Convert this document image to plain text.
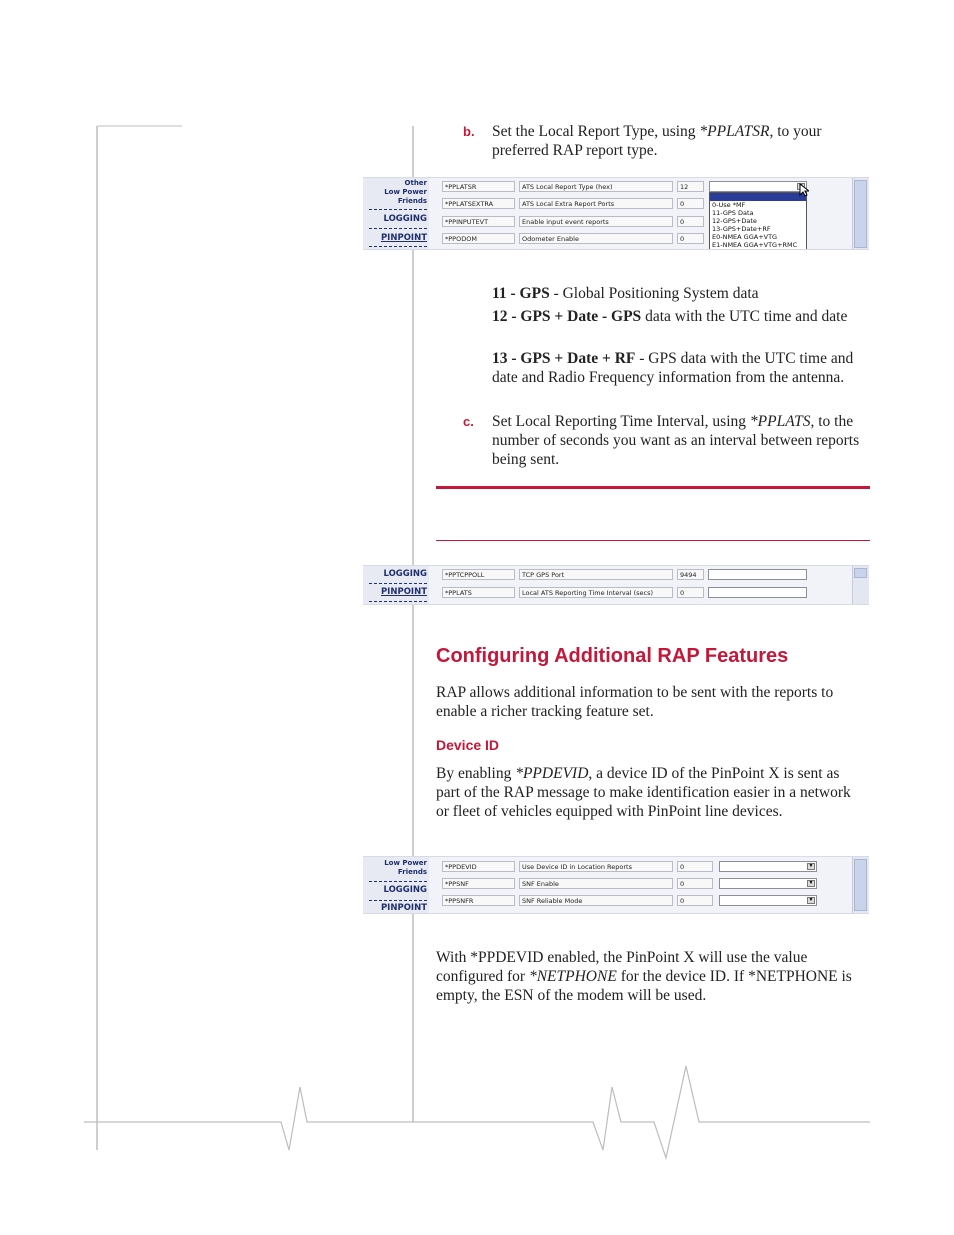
b. Set the Local Report Type, using *PPLATSR, to your preferred RAP report type.
Other
Low Power
Friends
LOGGING
PINPOINT
*PPLATSR	ATS Local Report Type (hex)	12
*PPLATSEXTRA	ATS Local Extra Report Ports	0
*PPINPUTEVT	Enable input event reports	0
*PPODOM	Odometer Enable	0
0-Use *MF
11-GPS Data
12-GPS+Date
13-GPS+Date+RF
E0-NMEA GGA+VTG
E1-NMEA GGA+VTG+RMC
11 - GPS - Global Positioning System data
12 - GPS + Date - GPS data with the UTC time and date
13 - GPS + Date + RF - GPS data with the UTC time and date and Radio Frequency information from the antenna.
c. Set Local Reporting Time Interval, using *PPLATS, to the number of seconds you want as an interval between reports being sent.
LOGGING
PINPOINT
*PPTCPPOLL	TCP GPS Port	9494
*PPLATS	Local ATS Reporting Time Interval (secs)	0
Configuring Additional RAP Features
RAP allows additional information to be sent with the reports to enable a richer tracking feature set.
Device ID
By enabling *PPDEVID, a device ID of the PinPoint X is sent as part of the RAP message to make identification easier in a network or fleet of vehicles equipped with PinPoint line devices.
Low Power
Friends
LOGGING
PINPOINT
*PPDEVID	Use Device ID in Location Reports	0	▼
*PPSNF	SNF Enable	0	▼
*PPSNFR	SNF Reliable Mode	0	▼
With *PPDEVID enabled, the PinPoint X will use the value configured for *NETPHONE for the device ID. If *NETPHONE is empty, the ESN of the modem will be used.
